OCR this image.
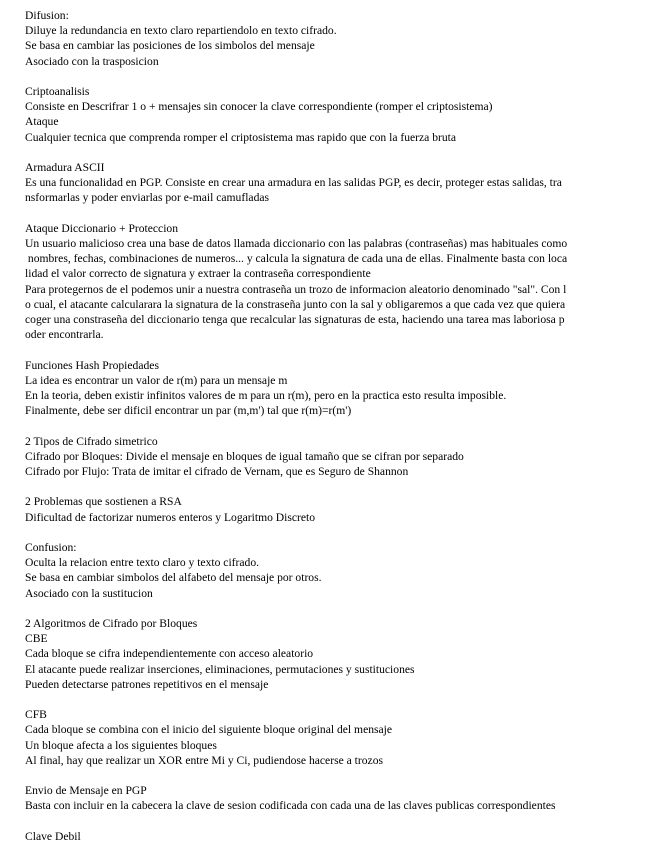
Difusion:
Diluye la redundancia en texto claro repartiendolo en texto cifrado.
Se basa en cambiar las posiciones de los simbolos del mensaje
Asociado con la trasposicion
Criptoanalisis
Consiste en Descrifrar 1 o + mensajes sin conocer la clave correspondiente (romper el criptosistema)
Ataque
Cualquier tecnica que comprenda romper el criptosistema mas rapido que con la fuerza bruta
Armadura ASCII
Es una funcionalidad en PGP. Consiste en crear una armadura en las salidas PGP, es decir, proteger estas salidas, tra
nsformarlas y poder enviarlas por e-mail camufladas
Ataque Diccionario + Proteccion
Un usuario malicioso crea una base de datos llamada diccionario con las palabras (contraseñas) mas habituales como
nombres, fechas, combinaciones de numeros... y calcula la signatura de cada una de ellas. Finalmente basta con loca
lidad el valor correcto de signatura y extraer la contraseña correspondiente
Para protegernos de el podemos unir a nuestra contraseña un trozo de informacion aleatorio denominado "sal". Con l
o cual, el atacante calcularara la signatura de la constraseña junto con la sal y obligaremos a que cada vez que quiera
coger una constraseña del diccionario tenga que recalcular las signaturas de esta, haciendo una tarea mas laboriosa p
oder encontrarla.
Funciones Hash Propiedades
La idea es encontrar un valor de r(m) para un mensaje m
En la teoria, deben existir infinitos valores de m para un r(m), pero en la practica esto resulta imposible.
Finalmente, debe ser dificil encontrar un par (m,m') tal que r(m)=r(m')
2 Tipos de Cifrado simetrico
Cifrado por Bloques: Divide el mensaje en bloques de igual tamaño que se cifran por separado
Cifrado por Flujo: Trata de imitar el cifrado de Vernam, que es Seguro de Shannon
2 Problemas que sostienen a RSA
Dificultad de factorizar numeros enteros y Logaritmo Discreto
Confusion:
Oculta la relacion entre texto claro y texto cifrado.
Se basa en cambiar simbolos del alfabeto del mensaje por otros.
Asociado con la sustitucion
2 Algoritmos de Cifrado por Bloques
CBE
Cada bloque se cifra independientemente con acceso aleatorio
El atacante puede realizar inserciones, eliminaciones, permutaciones y sustituciones
Pueden detectarse patrones repetitivos en el mensaje
CFB
Cada bloque se combina con el inicio del siguiente bloque original del mensaje
Un bloque afecta a los siguientes bloques
Al final, hay que realizar un XOR entre Mi y Ci, pudiendose hacerse a trozos
Envio de Mensaje en PGP
Basta con incluir en la cabecera la clave de sesion codificada con cada una de las claves publicas correspondientes
Clave Debil
